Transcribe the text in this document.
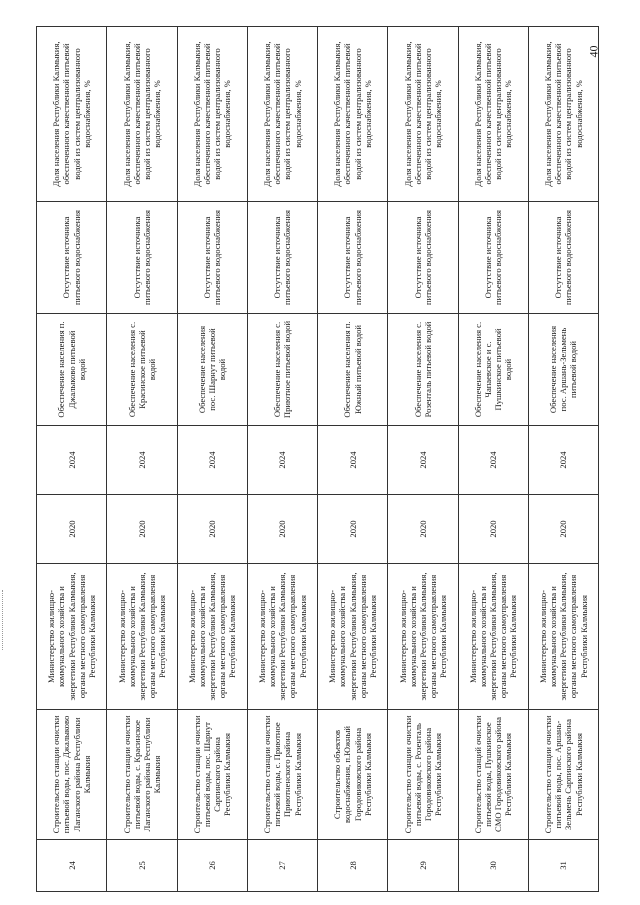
40
24	Строительство станции очистки питьевой воды, пос. Джалыково Лаганского района Республики Калмыкия	Министерство жилищно-коммунального хозяйства и энергетики Республики Калмыкия, органы местного самоуправления Республики Калмыкия	2020	2024	Обеспечение населения п. Джалыково питьевой водой	Отсутствие источника питьевого водоснабжения	Доля населения Республики Калмыкия, обеспеченного качественной питьевой водой из систем централизованного водоснабжения, %
25	Строительство станции очистки питьевой воды, с. Красинское Лаганского района Республики Калмыкия	Министерство жилищно-коммунального хозяйства и энергетики Республики Калмыкия, органы местного самоуправления Республики Калмыкия	2020	2024	Обеспечение населения с. Красинское питьевой водой	Отсутствие источника питьевого водоснабжения	Доля населения Республики Калмыкия, обеспеченного качественной питьевой водой из систем централизованного водоснабжения, %
26	Строительство станции очистки питьевой воды, пос. Шарнут Сарпинского района Республики Калмыкия	Министерство жилищно-коммунального хозяйства и энергетики Республики Калмыкия, органы местного самоуправления Республики Калмыкия	2020	2024	Обеспечение населения пос. Шарнут питьевой водой	Отсутствие источника питьевого водоснабжения	Доля населения Республики Калмыкия, обеспеченного качественной питьевой водой из систем централизованного водоснабжения, %
27	Строительство станции очистки питьевой воды, с. Приютное Приютненского района Республики Калмыкия	Министерство жилищно-коммунального хозяйства и энергетики Республики Калмыкия, органы местного самоуправления Республики Калмыкия	2020	2024	Обеспечение населения с. Приютное питьевой водой	Отсутствие источника питьевого водоснабжения	Доля населения Республики Калмыкия, обеспеченного качественной питьевой водой из систем централизованного водоснабжения, %
28	Строительство объектов водоснабжения, п.Южный Городовиковского района Республики Калмыкия	Министерство жилищно-коммунального хозяйства и энергетики Республики Калмыкия, органы местного самоуправления Республики Калмыкия	2020	2024	Обеспечение населения п. Южный питьевой водой	Отсутствие источника питьевого водоснабжения	Доля населения Республики Калмыкия, обеспеченного качественной питьевой водой из систем централизованного водоснабжения, %
29	Строительство станции очистки питьевой воды, с. Розенталь Городовиковского района Республики Калмыкия	Министерство жилищно-коммунального хозяйства и энергетики Республики Калмыкия, органы местного самоуправления Республики Калмыкия	2020	2024	Обеспечение населения с. Розенталь питьевой водой	Отсутствие источника питьевого водоснабжения	Доля населения Республики Калмыкия, обеспеченного качественной питьевой водой из систем централизованного водоснабжения, %
30	Строительство станций очистки питьевой воды, Пушкинское СМО Городовиковского района Республики Калмыкия	Министерство жилищно-коммунального хозяйства и энергетики Республики Калмыкия, органы местного самоуправления Республики Калмыкия	2020	2024	Обеспечение населения с. Чапаевское и с. Пушкинское питьевой водой	Отсутствие источника питьевого водоснабжения	Доля населения Республики Калмыкия, обеспеченного качественной питьевой водой из систем централизованного водоснабжения, %
31	Строительство станции очистки питьевой воды, пос. Аршань-Зельмень Сарпинского района Республики Калмыкия	Министерство жилищно-коммунального хозяйства и энергетики Республики Калмыкия, органы местного самоуправления Республики Калмыкия	2020	2024	Обеспечение населения пос. Аршань-Зельмень питьевой водой	Отсутствие источника питьевого водоснабжения	Доля населения Республики Калмыкия, обеспеченного качественной питьевой водой из систем централизованного водоснабжения, %
